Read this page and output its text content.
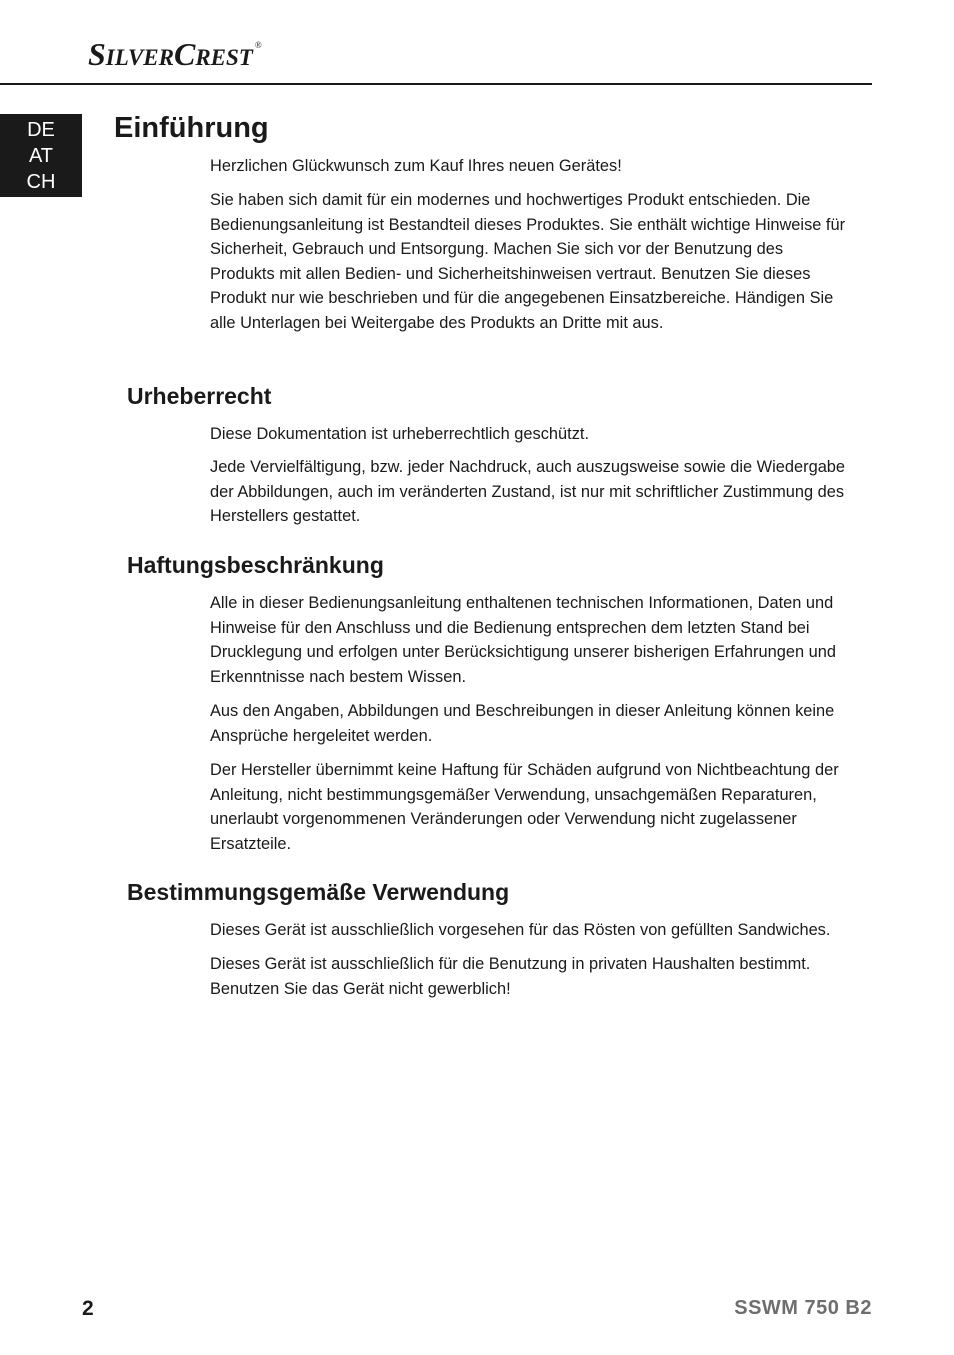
SILVERCREST ®
DE
AT
CH
Einführung

Herzlichen Glückwunsch zum Kauf Ihres neuen Gerätes!

Sie haben sich damit für ein modernes und hochwertiges Produkt entschieden. Die Bedienungsanleitung ist Bestandteil dieses Produktes. Sie enthält wichtige Hinweise für Sicherheit, Gebrauch und Entsorgung. Machen Sie sich vor der Benutzung des Produkts mit allen Bedien- und Sicherheitshinweisen vertraut. Benutzen Sie dieses Produkt nur wie beschrieben und für die angegebenen Einsatzbereiche. Händigen Sie alle Unterlagen bei Weitergabe des Produkts an Dritte mit aus.

Urheberrecht

Diese Dokumentation ist urheberrechtlich geschützt.

Jede Vervielfältigung, bzw. jeder Nachdruck, auch auszugsweise sowie die Wiedergabe der Abbildungen, auch im veränderten Zustand, ist nur mit schriftlicher Zustimmung des Herstellers gestattet.

Haftungsbeschränkung

Alle in dieser Bedienungsanleitung enthaltenen technischen Informationen, Daten und Hinweise für den Anschluss und die Bedienung entsprechen dem letzten Stand bei Drucklegung und erfolgen unter Berücksichtigung unserer bisherigen Erfahrungen und Erkenntnisse nach bestem Wissen.

Aus den Angaben, Abbildungen und Beschreibungen in dieser Anleitung können keine Ansprüche hergeleitet werden.

Der Hersteller übernimmt keine Haftung für Schäden aufgrund von Nichtbeachtung der Anleitung, nicht bestimmungsgemäßer Verwendung, unsachgemäßen Reparaturen, unerlaubt vorgenommenen Veränderungen oder Verwendung nicht zugelassener Ersatzteile.

Bestimmungsgemäße Verwendung

Dieses Gerät ist ausschließlich vorgesehen für das Rösten von gefüllten Sandwiches.

Dieses Gerät ist ausschließlich für die Benutzung in privaten Haushalten bestimmt. Benutzen Sie das Gerät nicht gewerblich!

2	SSWM 750 B2
